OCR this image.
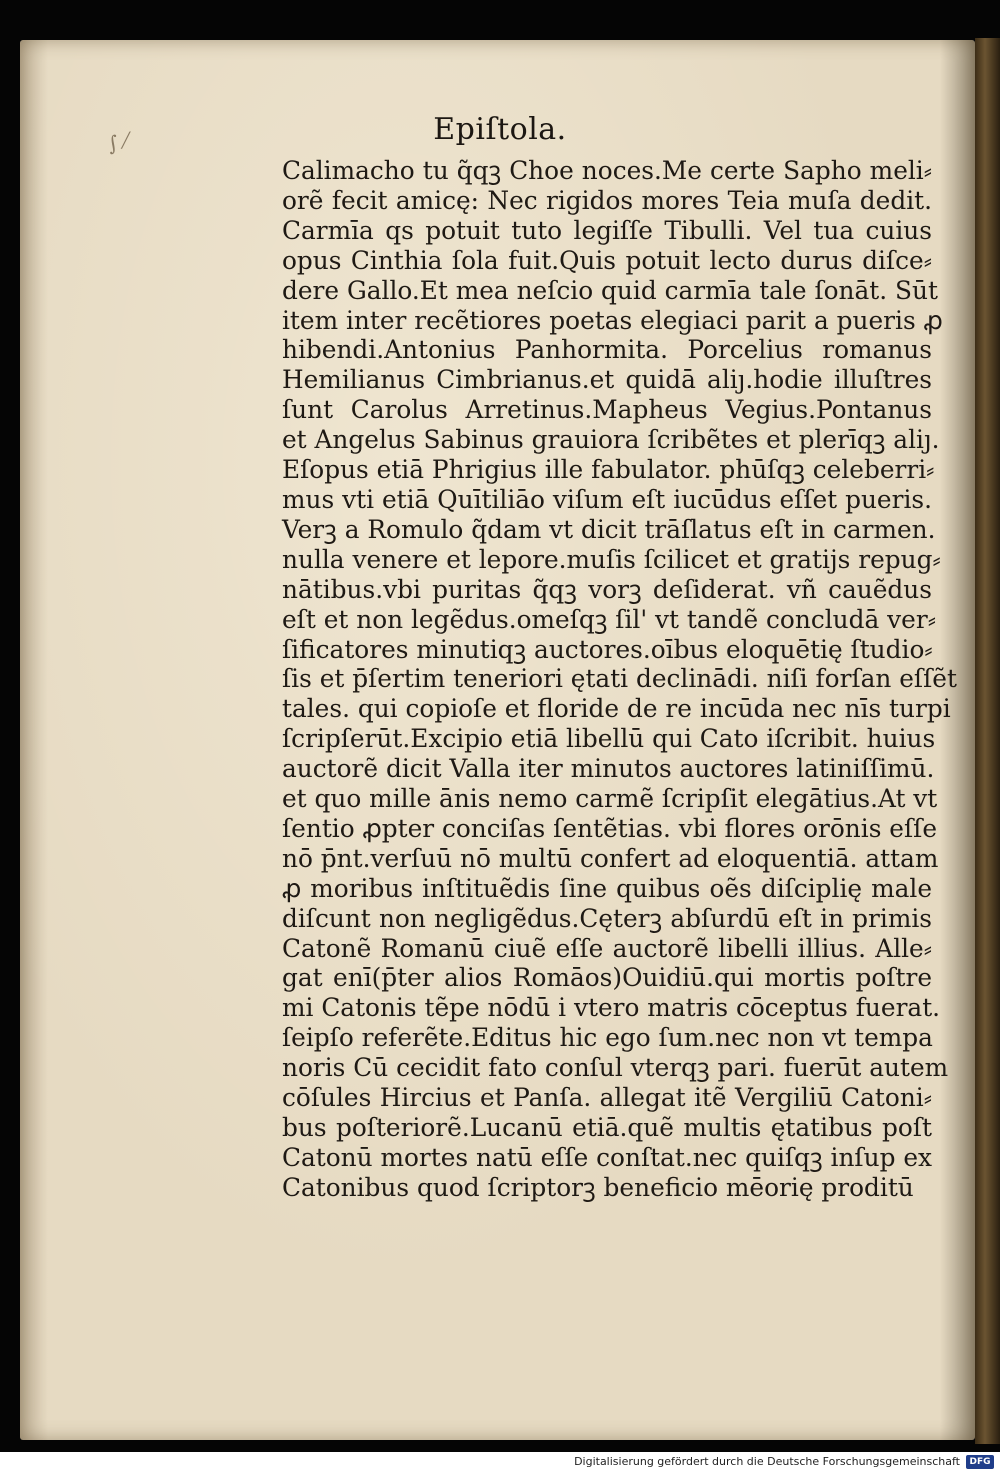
∫ ⁄	Epiſtola.
Calimacho tu q̃qꝫ Choe noces.Me certe Sapho meli⸗
orẽ fecit amicę: Nec rigidos mores Teia muſa dedit.
Carmīa qs potuit tuto legiſſe Tibulli. Vel tua cuius
opus Cinthia ſola fuit.Quis potuit lecto durus diſce⸗
dere Gallo.Et mea neſcio quid carmīa tale ſonāt. Sūt
item inter recẽtiores poetas elegiaci parit a pueris ꝓ
hibendi.Antonius Panhormita. Porcelius romanus
Hemilianus Cimbrianus.et quidā aliȷ.hodie illuſtres
ſunt Carolus Arretinus.Mapheus Vegius.Pontanus
et Angelus Sabinus grauiora ſcribẽtes et plerīqꝫ aliȷ.
Eſopus etiā Phrigius ille fabulator. phūſqꝫ celeberri⸗
mus vti etiā Quītiliāo viſum eſt iucūdus eſſet pueris.
Verꝫ a Romulo q̃dam vt dicit trāſlatus eſt in carmen.
nulla venere et lepore.muſis ſcilicet et gratijs repug⸗
nātibus.vbi puritas q̃qꝫ vorꝫ deſiderat. vñ cauẽdus
eſt et non legẽdus.omeſqꝫ ſil' vt tandẽ concludā ver⸗
ſificatores minutiqꝫ auctores.oībus eloquētię ſtudio⸗
ſis et p̄ſertim teneriori ętati declinādi. niſi forſan eſſẽt
tales. qui copioſe et floride de re incūda nec nīs turpi
ſcripſerūt.Excipio etiā libellū qui Cato iſcribit. huius
auctorẽ dicit Valla iter minutos auctores latiniſſimū.
et quo mille ānis nemo carmẽ ſcripſit elegātius.At vt
ſentio ꝓpter conciſas ſentẽtias. vbi flores orōnis eſſe
nō p̄nt.verſuū nō multū confert ad eloquentiā. attam
ꝓ moribus inſtituẽdis ſine quibus oẽs diſciplię male
diſcunt non negligẽdus.Cęterꝫ abſurdū eſt in primis
Catonẽ Romanū ciuẽ eſſe auctorẽ libelli illius. Alle⸗
gat enī(p̄ter alios Romāos)Ouidiū.qui mortis poſtre
mi Catonis tẽpe nōdū i vtero matris cōceptus fuerat.
ſeipſo referẽte.Editus hic ego ſum.nec non vt tempa
noris Cū cecidit fato conſul vterqꝫ pari. fuerūt autem
cōſules Hircius et Panſa. allegat itẽ Vergiliū Catoni⸗
bus poſteriorẽ.Lucanū etiā.quẽ multis ętatibus poſt
Catonū mortes natū eſſe conſtat.nec quiſqꝫ inſup ex
Catonibus quod ſcriptorꝫ beneficio mēorię proditū
Digitalisierung gefördert durch die Deutsche Forschungsgemeinschaft	DFG
